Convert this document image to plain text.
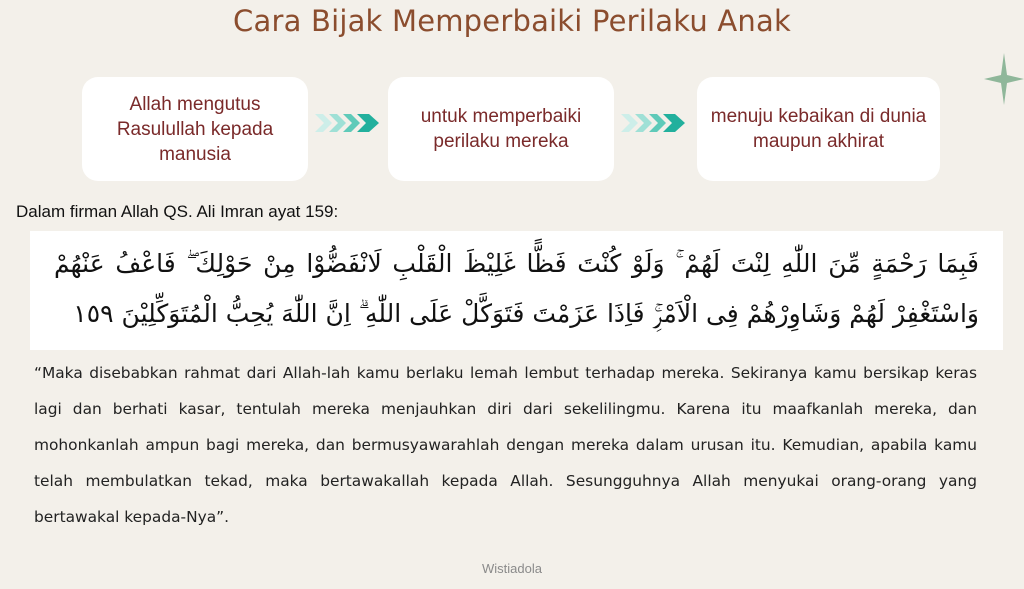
Cara Bijak Memperbaiki Perilaku Anak
Allah mengutus Rasulullah kepada manusia
untuk memperbaiki perilaku mereka
menuju kebaikan di dunia maupun akhirat
Dalam firman Allah QS. Ali Imran ayat 159:
فَبِمَا رَحْمَةٍ مِّنَ اللّٰهِ لِنْتَ لَهُمْ ۚ وَلَوْ كُنْتَ فَظًّا غَلِيْظَ الْقَلْبِ لَانْفَضُّوْا مِنْ حَوْلِكَ ۖ فَاعْفُ عَنْهُمْ وَاسْتَغْفِرْ لَهُمْ وَشَاوِرْهُمْ فِى الْاَمْرِۚ فَاِذَا عَزَمْتَ فَتَوَكَّلْ عَلَى اللّٰهِ ۗ اِنَّ اللّٰهَ يُحِبُّ الْمُتَوَكِّلِيْنَ ١٥٩
“Maka disebabkan rahmat dari Allah-lah kamu berlaku lemah lembut terhadap mereka. Sekiranya kamu bersikap keras lagi dan berhati kasar, tentulah mereka menjauhkan diri dari sekelilingmu. Karena itu maafkanlah mereka, dan mohonkanlah ampun bagi mereka, dan bermusyawarahlah dengan mereka dalam urusan itu. Kemudian, apabila kamu telah membulatkan tekad, maka bertawakallah kepada Allah. Sesungguhnya Allah menyukai orang-orang yang bertawakal kepada-Nya”.
Wistiadola
